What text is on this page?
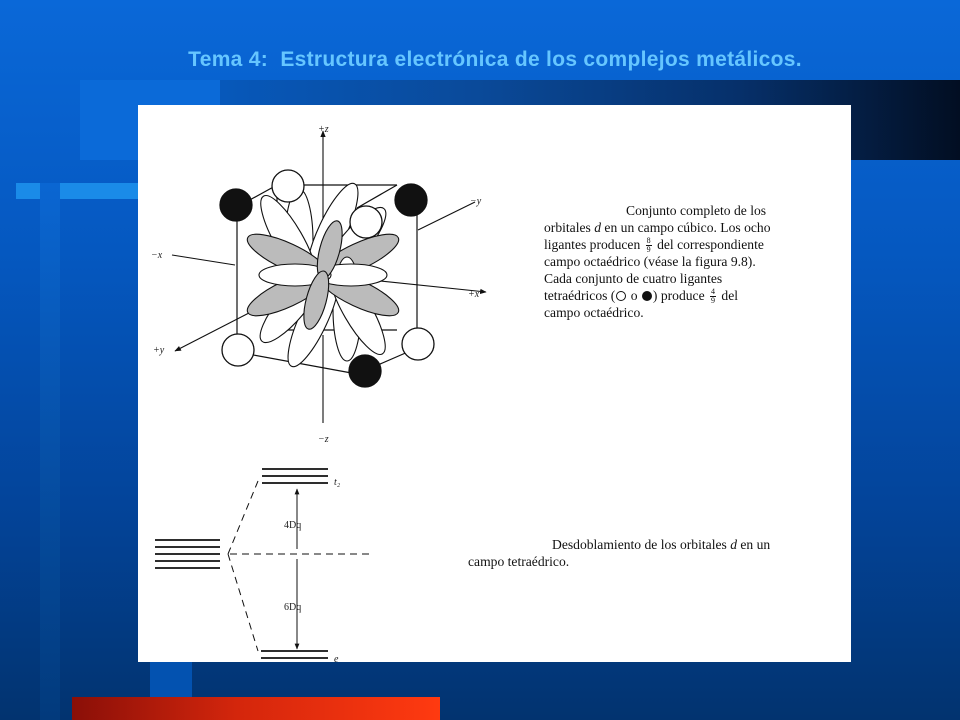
Tema 4:  Estructura electrónica de los complejos metálicos.
+z
−z
+x
−x
+y
−y
t₂
e
4Dq
6Dq
Conjunto completo de los
orbitales d en un campo cúbico. Los ocho
ligantes producen $\frac{8}{9}$ del correspondiente
campo octaédrico (véase la figura 9.8).
Cada conjunto de cuatro ligantes
tetraédricos ( o ) produce $\frac{4}{9}$ del
campo octaédrico.
Desdoblamiento de los orbitales d en un
campo tetraédrico.
